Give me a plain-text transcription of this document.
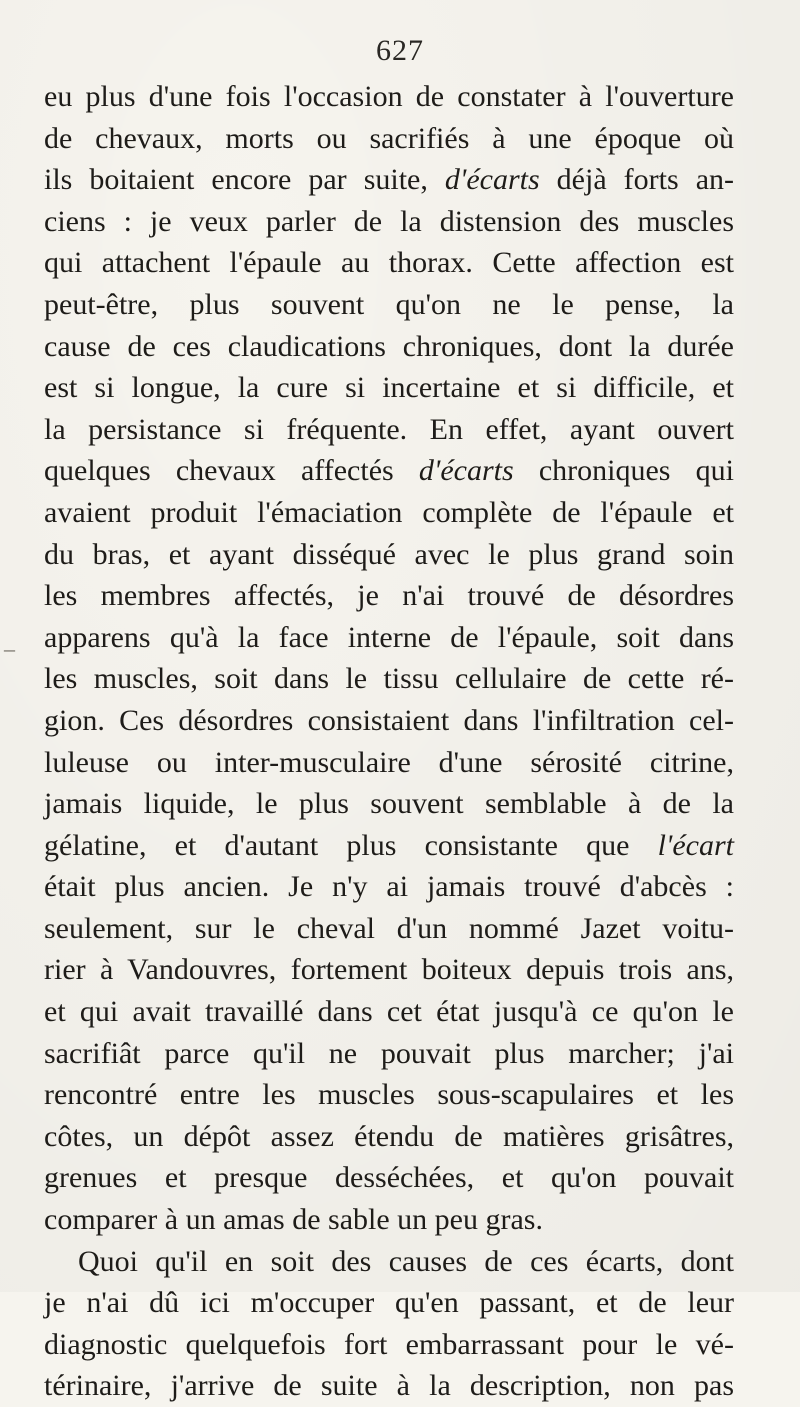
627
–
eu plus d'une fois l'occasion de constater à l'ouverture
de chevaux, morts ou sacrifiés à une époque où
ils boitaient encore par suite, d'écarts déjà forts an-
ciens : je veux parler de la distension des muscles
qui attachent l'épaule au thorax. Cette affection est
peut-être, plus souvent qu'on ne le pense, la
cause de ces claudications chroniques, dont la durée
est si longue, la cure si incertaine et si difficile, et
la persistance si fréquente. En effet, ayant ouvert
quelques chevaux affectés d'écarts chroniques qui
avaient produit l'émaciation complète de l'épaule et
du bras, et ayant disséqué avec le plus grand soin
les membres affectés, je n'ai trouvé de désordres
apparens qu'à la face interne de l'épaule, soit dans
les muscles, soit dans le tissu cellulaire de cette ré-
gion. Ces désordres consistaient dans l'infiltration cel-
luleuse ou inter-musculaire d'une sérosité citrine,
jamais liquide, le plus souvent semblable à de la
gélatine, et d'autant plus consistante que l'écart
était plus ancien. Je n'y ai jamais trouvé d'abcès :
seulement, sur le cheval d'un nommé Jazet voitu-
rier à Vandouvres, fortement boiteux depuis trois ans,
et qui avait travaillé dans cet état jusqu'à ce qu'on le
sacrifiât parce qu'il ne pouvait plus marcher; j'ai
rencontré entre les muscles sous-scapulaires et les
côtes, un dépôt assez étendu de matières grisâtres,
grenues et presque desséchées, et qu'on pouvait
comparer à un amas de sable un peu gras.
Quoi qu'il en soit des causes de ces écarts, dont
je n'ai dû ici m'occuper qu'en passant, et de leur
diagnostic quelquefois fort embarrassant pour le vé-
térinaire, j'arrive de suite à la description, non pas
